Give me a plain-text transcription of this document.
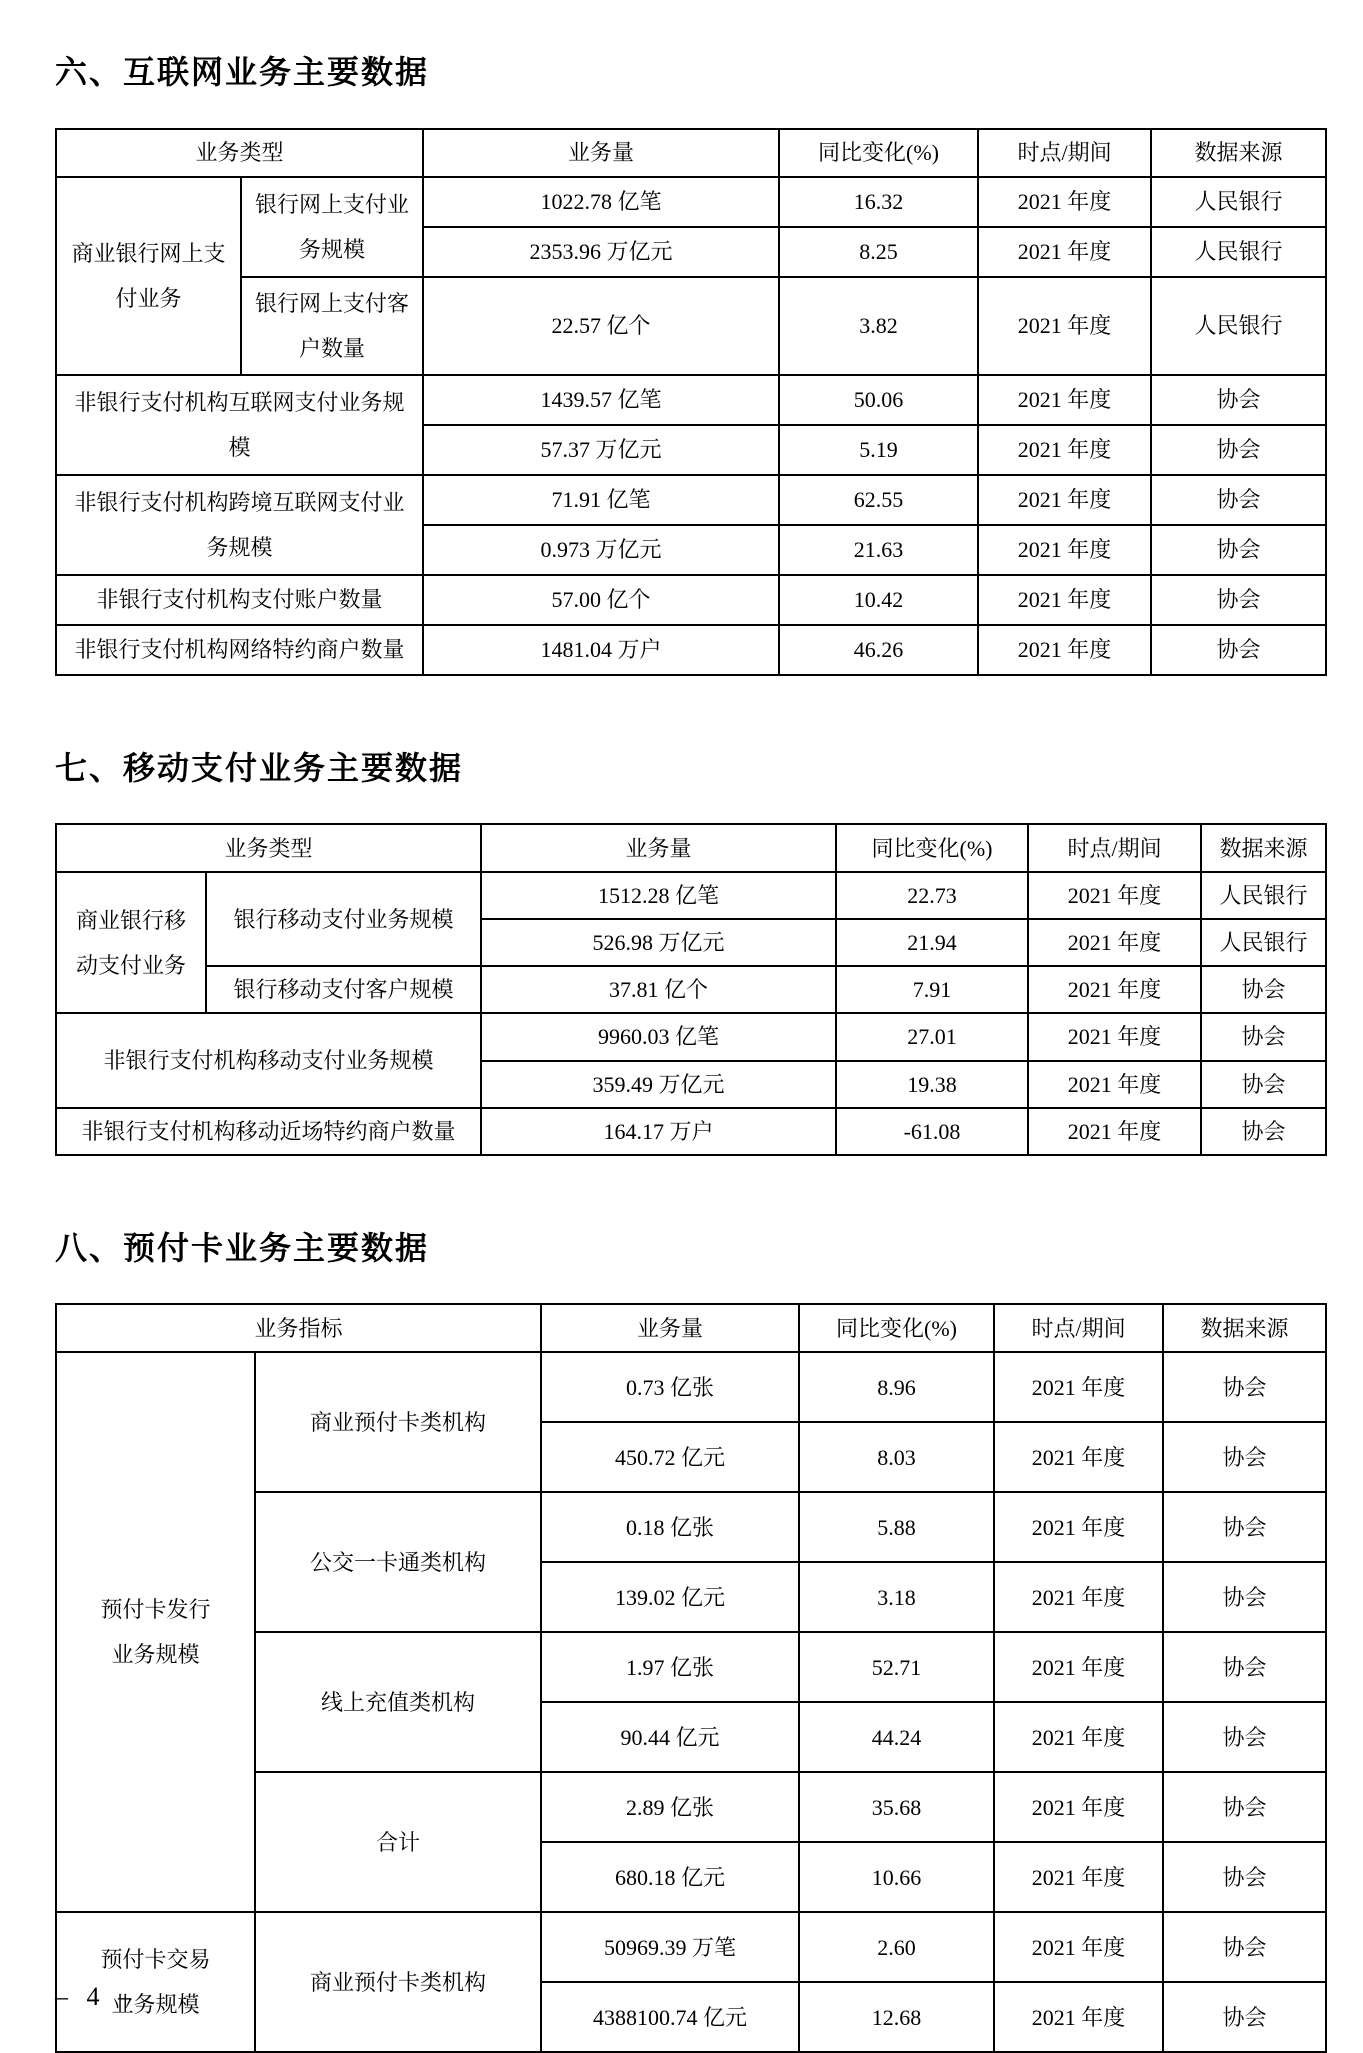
六、互联网业务主要数据
业务类型		业务量	同比变化(%)	时点/期间	数据来源
商业银行网上支付业务	银行网上支付业务规模	1022.78 亿笔	16.32	2021 年度	人民银行
		2353.96 万亿元	8.25	2021 年度	人民银行
	银行网上支付客户数量	22.57 亿个	3.82	2021 年度	人民银行
非银行支付机构互联网支付业务规模		1439.57 亿笔	50.06	2021 年度	协会
		57.37 万亿元	5.19	2021 年度	协会
非银行支付机构跨境互联网支付业务规模		71.91 亿笔	62.55	2021 年度	协会
		0.973 万亿元	21.63	2021 年度	协会
非银行支付机构支付账户数量		57.00 亿个	10.42	2021 年度	协会
非银行支付机构网络特约商户数量		1481.04 万户	46.26	2021 年度	协会
七、移动支付业务主要数据
业务类型		业务量	同比变化(%)	时点/期间	数据来源
商业银行移动支付业务	银行移动支付业务规模	1512.28 亿笔	22.73	2021 年度	人民银行
		526.98 万亿元	21.94	2021 年度	人民银行
	银行移动支付客户规模	37.81 亿个	7.91	2021 年度	协会
非银行支付机构移动支付业务规模		9960.03 亿笔	27.01	2021 年度	协会
		359.49 万亿元	19.38	2021 年度	协会
非银行支付机构移动近场特约商户数量		164.17 万户	-61.08	2021 年度	协会
八、预付卡业务主要数据
业务指标		业务量	同比变化(%)	时点/期间	数据来源
预付卡发行业务规模	商业预付卡类机构	0.73 亿张	8.96	2021 年度	协会
		450.72 亿元	8.03	2021 年度	协会
	公交一卡通类机构	0.18 亿张	5.88	2021 年度	协会
		139.02 亿元	3.18	2021 年度	协会
	线上充值类机构	1.97 亿张	52.71	2021 年度	协会
		90.44 亿元	44.24	2021 年度	协会
	合计	2.89 亿张	35.68	2021 年度	协会
		680.18 亿元	10.66	2021 年度	协会
预付卡交易业务规模	商业预付卡类机构	50969.39 万笔	2.60	2021 年度	协会
		4388100.74 亿元	12.68	2021 年度	协会
– 4 –
